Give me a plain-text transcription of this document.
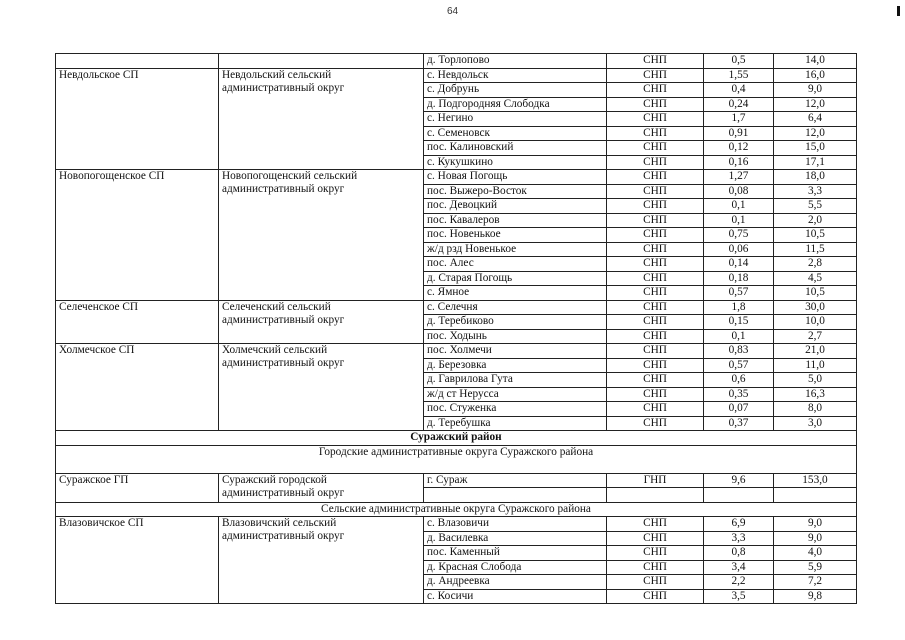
64
		д. Торлопово	СНП	0,5	14,0
Невдольское СП	Невдольский сельский административный округ	с. Невдольск	СНП	1,55	16,0
		с. Добрунь	СНП	0,4	9,0
		д. Подгородняя Слободка	СНП	0,24	12,0
		с. Негино	СНП	1,7	6,4
		с. Семеновск	СНП	0,91	12,0
		пос. Калиновский	СНП	0,12	15,0
		с. Кукушкино	СНП	0,16	17,1
Новопогощенское СП	Новопогощенский сельский административный округ	с. Новая Погощь	СНП	1,27	18,0
		пос. Выжеро-Восток	СНП	0,08	3,3
		пос. Девоцкий	СНП	0,1	5,5
		пос. Кавалеров	СНП	0,1	2,0
		пос. Новенькое	СНП	0,75	10,5
		ж/д рзд Новенькое	СНП	0,06	11,5
		пос. Алес	СНП	0,14	2,8
		д. Старая Погощь	СНП	0,18	4,5
		с. Ямное	СНП	0,57	10,5
Селеченское СП	Селеченский сельский административный округ	с. Селечня	СНП	1,8	30,0
		д. Теребиково	СНП	0,15	10,0
		пос. Ходынь	СНП	0,1	2,7
Холмечское СП	Холмечский сельский административный округ	пос. Холмечи	СНП	0,83	21,0
		д. Березовка	СНП	0,57	11,0
		д. Гаврилова Гута	СНП	0,6	5,0
		ж/д ст Нерусса	СНП	0,35	16,3
		пос. Стуженка	СНП	0,07	8,0
		д. Теребушка	СНП	0,37	3,0
Суражский район					
Городские административные округа Суражского района					
Суражское ГП	Суражский городской административный округ	г. Сураж	ГНП	9,6	153,0

Сельские административные округа Суражского района					
Влазовичское СП	Влазовичский сельский административный округ	с. Влазовичи	СНП	6,9	9,0
		д. Василевка	СНП	3,3	9,0
		пос. Каменный	СНП	0,8	4,0
		д. Красная Слобода	СНП	3,4	5,9
		д. Андреевка	СНП	2,2	7,2
		с. Косичи	СНП	3,5	9,8
